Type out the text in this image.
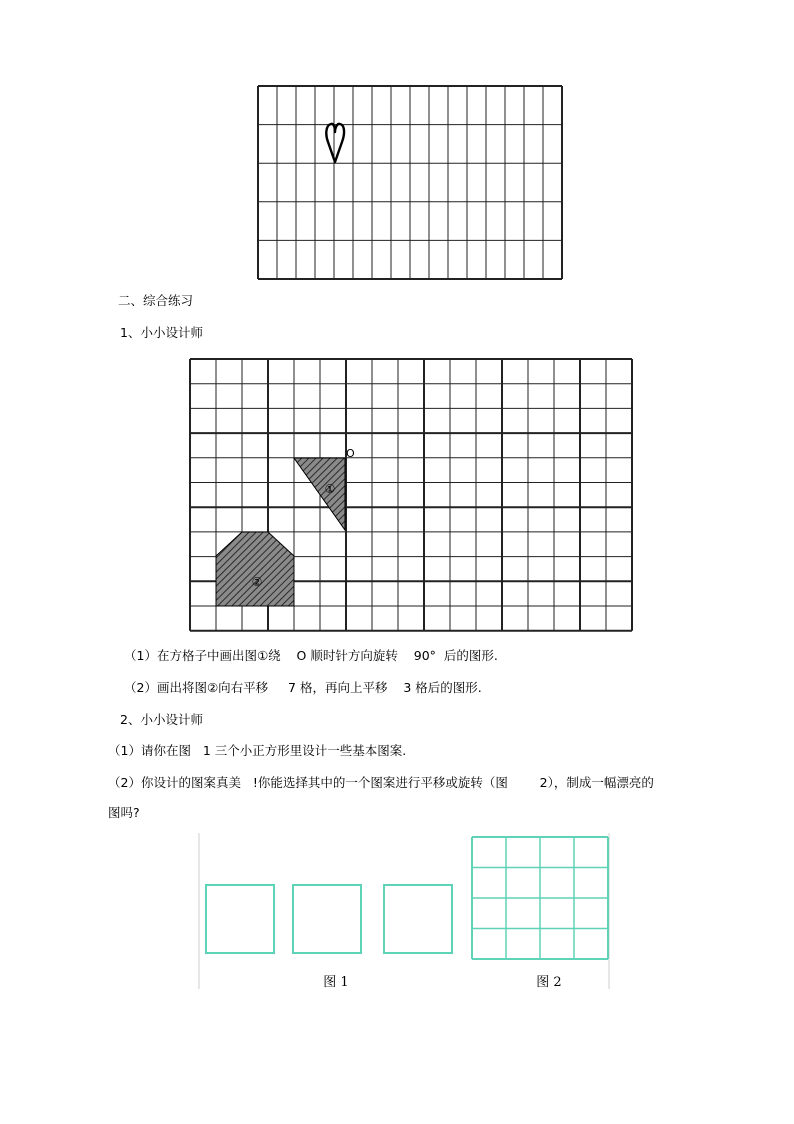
二、综合练习
1、小小设计师
O
①
②
（1）在方格子中画出图①绕    O 顺时针方向旋转    90°  后的图形.
（2）画出将图②向右平移     7 格，再向上平移    3 格后的图形.
2、小小设计师
（1）请你在图   1 三个小正方形里设计一些基本图案.
（2）你设计的图案真美   !你能选择其中的一个图案进行平移或旋转（图        2），制成一幅漂亮的
图吗?
图 1	图 2
